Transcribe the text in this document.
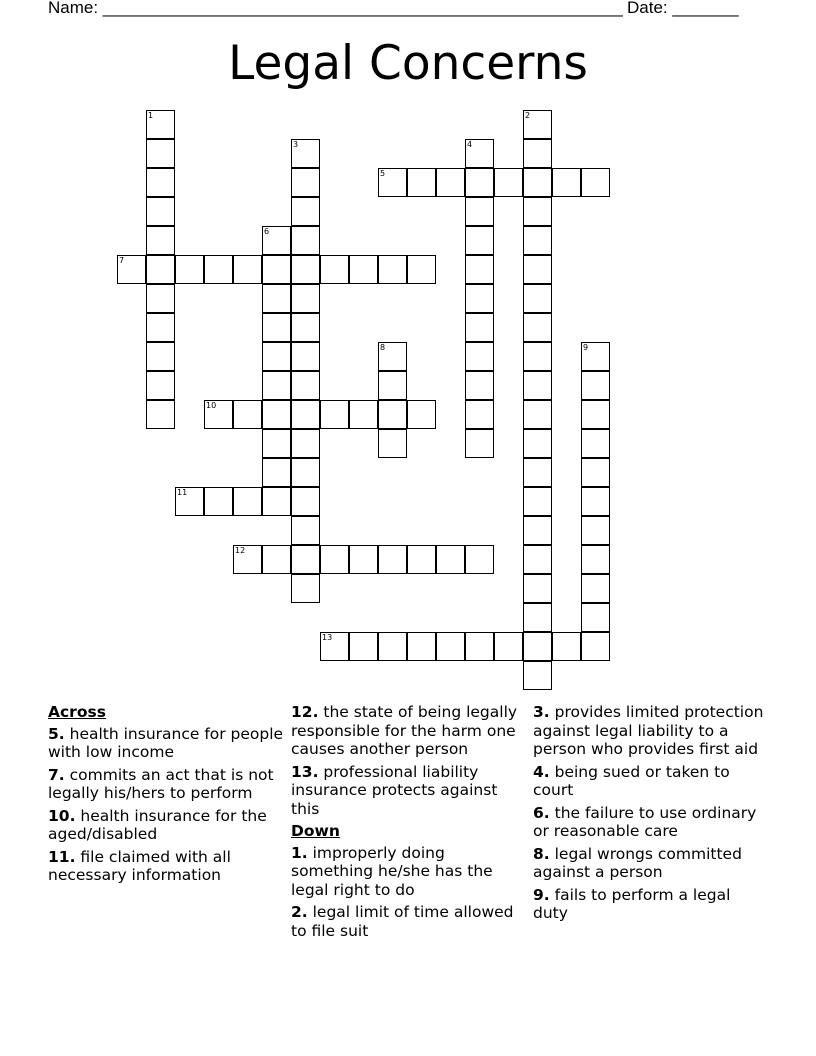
Name: _______________________________________________________ Date: _______
Legal Concerns
1	2
3	4
5
6
7
8	9
10
11
12
13
Across
5. health insurance for people with low income
7. commits an act that is not legally his/hers to perform
10. health insurance for the aged/disabled
11. file claimed with all necessary information
12. the state of being legally responsible for the harm one causes another person
13. professional liability insurance protects against this
Down
1. improperly doing something he/she has the legal right to do
2. legal limit of time allowed to file suit
3. provides limited protection against legal liability to a person who provides first aid
4. being sued or taken to court
6. the failure to use ordinary or reasonable care
8. legal wrongs committed against a person
9. fails to perform a legal duty
